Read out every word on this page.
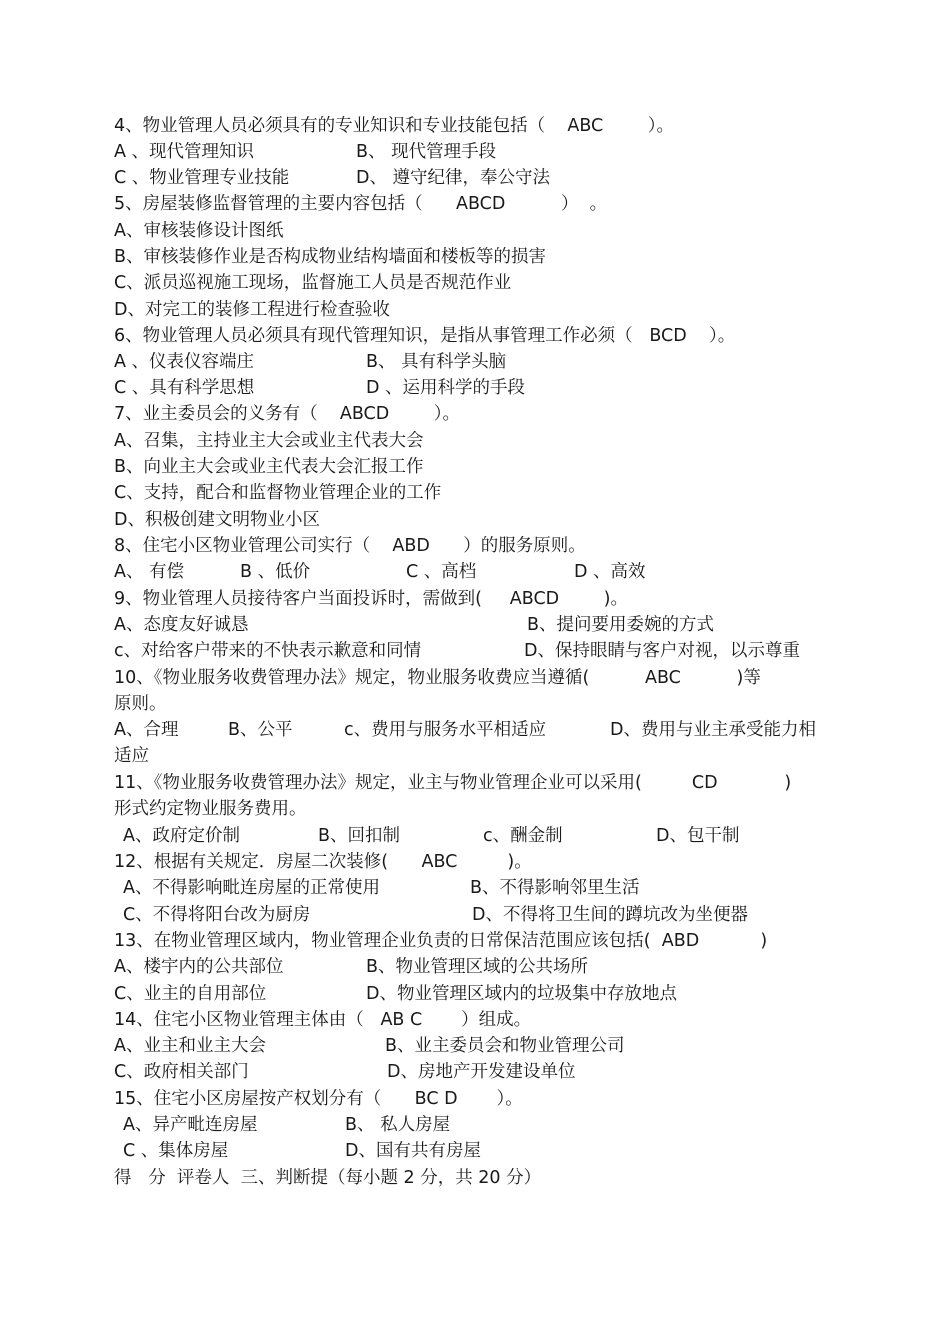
4、物业管理人员必须具有的专业知识和专业技能包括（    ABC        ）。
A 、现代管理知识	B、 现代管理手段
C 、物业管理专业技能	D、 遵守纪律，奉公守法
5、房屋装修监督管理的主要内容包括（      ABCD          ）  。
A、审核装修设计图纸
B、审核装修作业是否构成物业结构墙面和楼板等的损害
C、派员巡视施工现场，监督施工人员是否规范作业
D、对完工的装修工程进行检查验收
6、物业管理人员必须具有现代管理知识，是指从事管理工作必须（   BCD    ）。
A 、仪表仪容端庄	B、 具有科学头脑
C 、具有科学思想	D 、运用科学的手段
7、业主委员会的义务有（    ABCD        ）。
A、召集，主持业主大会或业主代表大会
B、向业主大会或业主代表大会汇报工作
C、支持，配合和监督物业管理企业的工作
D、积极创建文明物业小区
8、住宅小区物业管理公司实行（    ABD      ）的服务原则。
A、 有偿	B 、低价	C 、高档	D 、高效
9、物业管理人员接待客户当面投诉时，需做到(     ABCD        )。
A、态度友好诚恳	B、提问要用委婉的方式
c、对给客户带来的不快表示歉意和同情	D、保持眼睛与客户对视，以示尊重
10、《物业服务收费管理办法》规定，物业服务收费应当遵循(          ABC          )等
原则。
A、合理	B、公平	c、费用与服务水平相适应	D、费用与业主承受能力相
适应
11、《物业服务收费管理办法》规定，业主与物业管理企业可以采用(         CD            )
形式约定物业服务费用。
A、政府定价制	B、回扣制	c、酬金制	D、包干制
12、根据有关规定．房屋二次装修(      ABC         )。
A、不得影响毗连房屋的正常使用	B、不得影响邻里生活
C、不得将阳台改为厨房	D、不得将卫生间的蹲坑改为坐便器
13、在物业管理区域内，物业管理企业负责的日常保洁范围应该包括(  ABD           )
A、楼宇内的公共部位	B、物业管理区域的公共场所
C、业主的自用部位	D、物业管理区域内的垃圾集中存放地点
14、住宅小区物业管理主体由（   AB C       ）组成。
A、业主和业主大会	B、业主委员会和物业管理公司
C、政府相关部门	D、房地产开发建设单位
15、住宅小区房屋按产权划分有（      BC D       ）。
A、异产毗连房屋	B、 私人房屋
C 、集体房屋	D、国有共有房屋
得   分  评卷人  三、判断提（每小题 2 分，共 20 分）
